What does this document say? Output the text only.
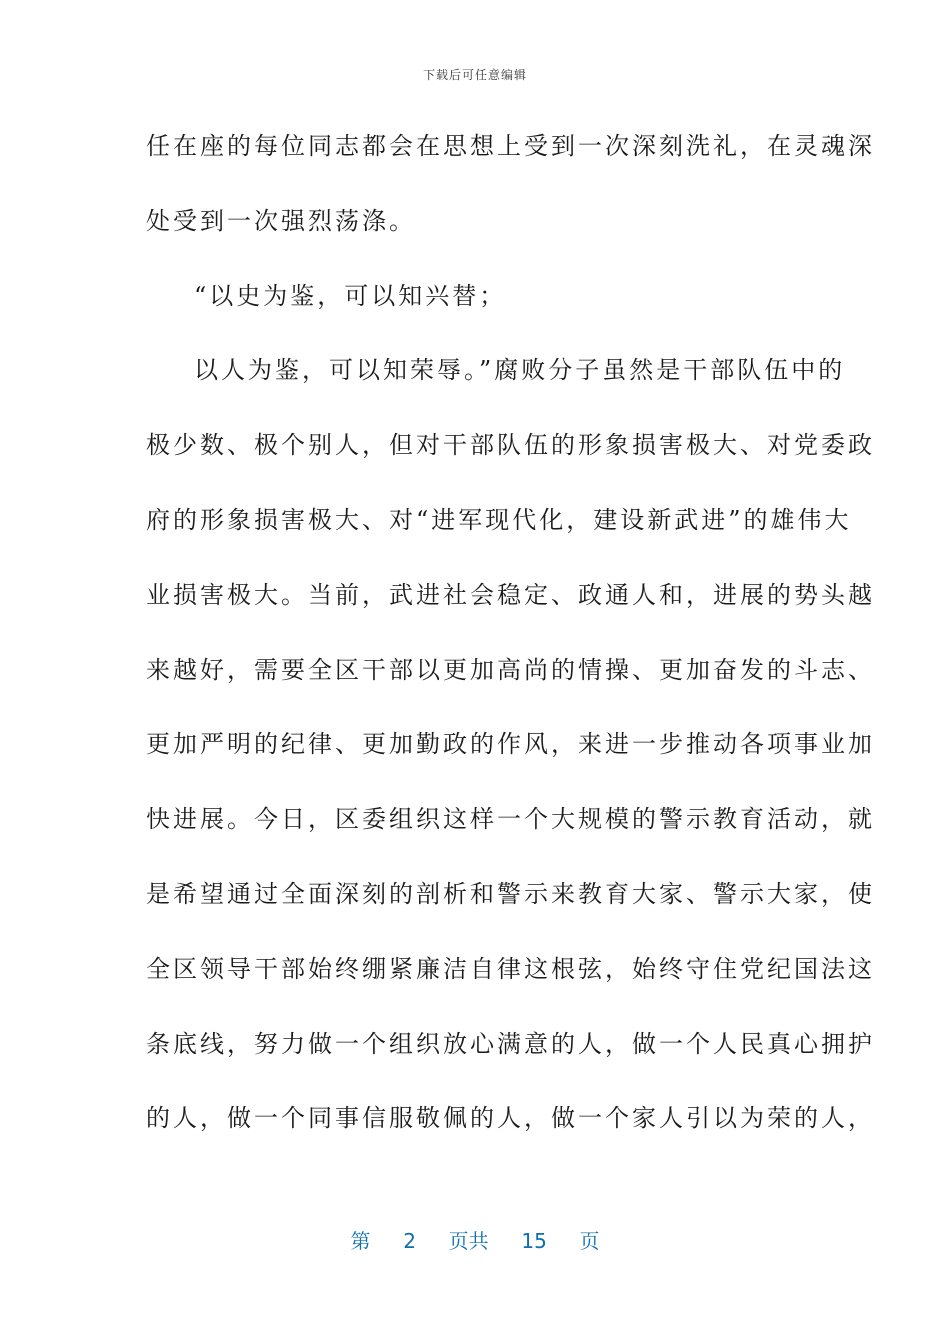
下载后可任意编辑
任在座的每位同志都会在思想上受到一次深刻洗礼，在灵魂深
处受到一次强烈荡涤。
“以史为鉴，可以知兴替；
以人为鉴，可以知荣辱。”腐败分子虽然是干部队伍中的
极少数、极个别人，但对干部队伍的形象损害极大、对党委政
府的形象损害极大、对“进军现代化，建设新武进”的雄伟大
业损害极大。当前，武进社会稳定、政通人和，进展的势头越
来越好，需要全区干部以更加高尚的情操、更加奋发的斗志、
更加严明的纪律、更加勤政的作风，来进一步推动各项事业加
快进展。今日，区委组织这样一个大规模的警示教育活动，就
是希望通过全面深刻的剖析和警示来教育大家、警示大家，使
全区领导干部始终绷紧廉洁自律这根弦，始终守住党纪国法这
条底线，努力做一个组织放心满意的人，做一个人民真心拥护
的人，做一个同事信服敬佩的人，做一个家人引以为荣的人，
第 2 页共 15 页
